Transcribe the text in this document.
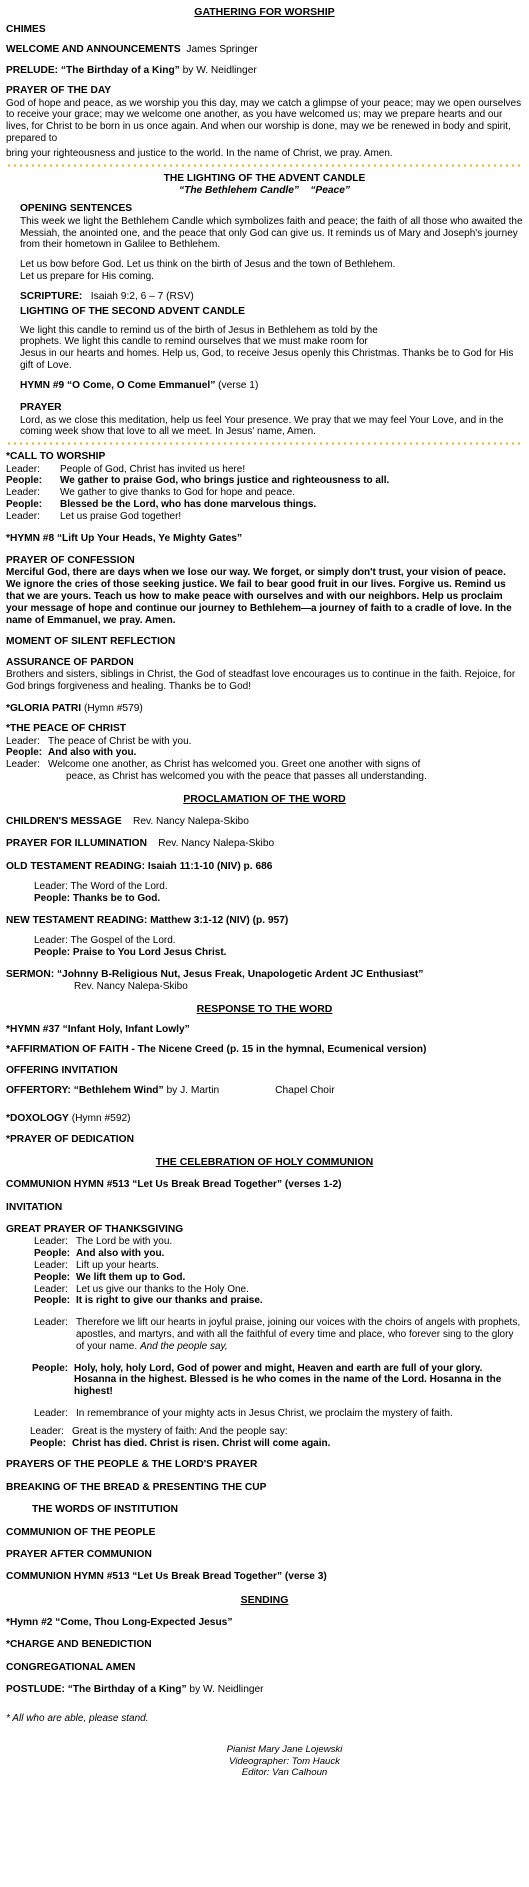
GATHERING FOR WORSHIP
CHIMES
WELCOME AND ANNOUNCEMENTS James Springer
PRELUDE: “The Birthday of a King” by W. Neidlinger
PRAYER OF THE DAY
God of hope and peace, as we worship you this day, may we catch a glimpse of your peace; may we open ourselves to receive your grace; may we welcome one another, as you have welcomed us; may we prepare hearts and our lives, for Christ to be born in us once again. And when our worship is done, may we be renewed in body and spirit, prepared to
bring your righteousness and justice to the world. In the name of Christ, we pray. Amen.
THE LIGHTING OF THE ADVENT CANDLE
“The Bethlehem Candle”    “Peace”
OPENING SENTENCES
This week we light the Bethlehem Candle which symbolizes faith and peace; the faith of all those who awaited the Messiah, the anointed one, and the peace that only God can give us. It reminds us of Mary and Joseph's journey from their hometown in Galilee to Bethlehem.
Let us bow before God. Let us think on the birth of Jesus and the town of Bethlehem.
Let us prepare for His coming.
SCRIPTURE: Isaiah 9:2, 6 – 7 (RSV)
LIGHTING OF THE SECOND ADVENT CANDLE
We light this candle to remind us of the birth of Jesus in Bethlehem as told by the
prophets. We light this candle to remind ourselves that we must make room for
Jesus in our hearts and homes. Help us, God, to receive Jesus openly this Christmas. Thanks be to God for His gift of Love.
HYMN #9 “O Come, O Come Emmanuel” (verse 1)
PRAYER
Lord, as we close this meditation, help us feel Your presence. We pray that we may feel Your Love, and in the coming week show that love to all we meet. In Jesus' name, Amen.
*CALL TO WORSHIP
Leader:	People of God, Christ has invited us here!
People:	We gather to praise God, who brings justice and righteousness to all.
Leader:	We gather to give thanks to God for hope and peace.
People:	Blessed be the Lord, who has done marvelous things.
Leader:	Let us praise God together!
*HYMN #8 “Lift Up Your Heads, Ye Mighty Gates”
PRAYER OF CONFESSION
Merciful God, there are days when we lose our way. We forget, or simply don't trust, your vision of peace. We ignore the cries of those seeking justice. We fail to bear good fruit in our lives. Forgive us. Remind us that we are yours. Teach us how to make peace with ourselves and with our neighbors. Help us proclaim your message of hope and continue our journey to Bethlehem—a journey of faith to a cradle of love. In the name of Emmanuel, we pray. Amen.
MOMENT OF SILENT REFLECTION
ASSURANCE OF PARDON
Brothers and sisters, siblings in Christ, the God of steadfast love encourages us to continue in the faith. Rejoice, for God brings forgiveness and healing. Thanks be to God!
*GLORIA PATRI (Hymn #579)
*THE PEACE OF CHRIST
Leader: The peace of Christ be with you.
People: And also with you.
Leader: Welcome one another, as Christ has welcomed you. Greet one another with signs of
peace, as Christ has welcomed you with the peace that passes all understanding.
PROCLAMATION OF THE WORD
CHILDREN'S MESSAGE Rev. Nancy Nalepa-Skibo
PRAYER FOR ILLUMINATION Rev. Nancy Nalepa-Skibo
OLD TESTAMENT READING: Isaiah 11:1-10 (NIV) p. 686
Leader: The Word of the Lord.
People: Thanks be to God.
NEW TESTAMENT READING: Matthew 3:1-12 (NIV) (p. 957)
Leader: The Gospel of the Lord.
People: Praise to You Lord Jesus Christ.
SERMON: “Johnny B-Religious Nut, Jesus Freak, Unapologetic Ardent JC Enthusiast”
Rev. Nancy Nalepa-Skibo
RESPONSE TO THE WORD
*HYMN #37 “Infant Holy, Infant Lowly”
*AFFIRMATION OF FAITH - The Nicene Creed (p. 15 in the hymnal, Ecumenical version)
OFFERING INVITATION
OFFERTORY: “Bethlehem Wind” by J. Martin	Chapel Choir
*DOXOLOGY (Hymn #592)
*PRAYER OF DEDICATION
THE CELEBRATION OF HOLY COMMUNION
COMMUNION HYMN #513 “Let Us Break Bread Together” (verses 1-2)
INVITATION
GREAT PRAYER OF THANKSGIVING
Leader: The Lord be with you.
People: And also with you.
Leader: Lift up your hearts.
People: We lift them up to God.
Leader: Let us give our thanks to the Holy One.
People: It is right to give our thanks and praise.
Leader: Therefore we lift our hearts in joyful praise, joining our voices with the choirs of angels with prophets, apostles, and martyrs, and with all the faithful of every time and place, who forever sing to the glory of your name. And the people say,
People: Holy, holy, holy Lord, God of power and might, Heaven and earth are full of your glory. Hosanna in the highest. Blessed is he who comes in the name of the Lord. Hosanna in the highest!
Leader: In remembrance of your mighty acts in Jesus Christ, we proclaim the mystery of faith.
Leader: Great is the mystery of faith: And the people say:
People: Christ has died. Christ is risen. Christ will come again.
PRAYERS OF THE PEOPLE & THE LORD'S PRAYER
BREAKING OF THE BREAD & PRESENTING THE CUP
THE WORDS OF INSTITUTION
COMMUNION OF THE PEOPLE
PRAYER AFTER COMMUNION
COMMUNION HYMN #513 “Let Us Break Bread Together” (verse 3)
SENDING
*Hymn #2 “Come, Thou Long-Expected Jesus”
*CHARGE AND BENEDICTION
CONGREGATIONAL AMEN
POSTLUDE: “The Birthday of a King” by W. Neidlinger
* All who are able, please stand.
Pianist Mary Jane Lojewski
Videographer: Tom Hauck
Editor: Van Calhoun
